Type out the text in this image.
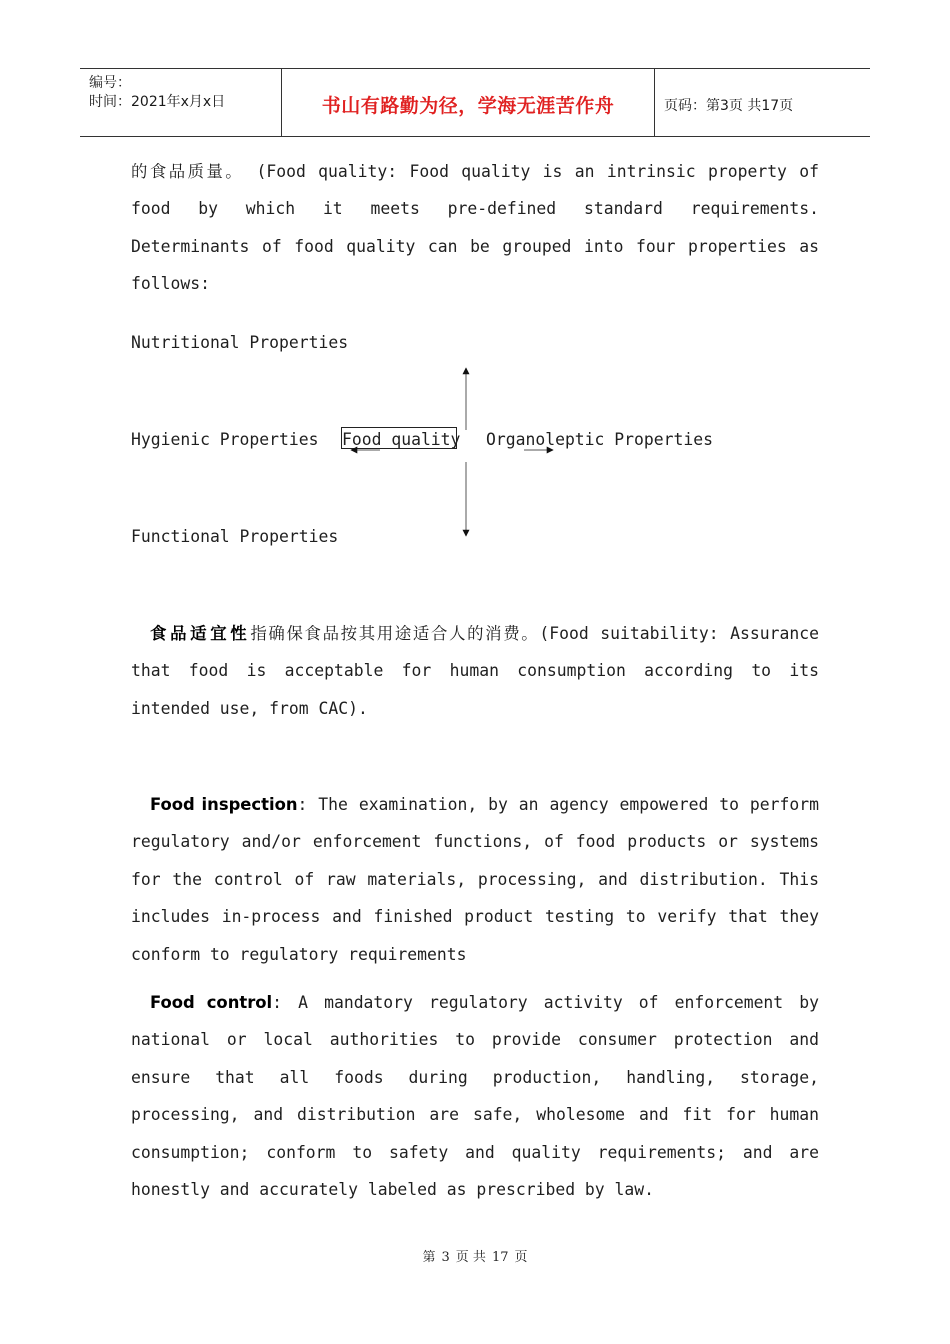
编号：
时间：2021年x月x日	书山有路勤为径，学海无涯苦作舟	页码：第3页 共17页
的食品质量。 (Food quality: Food quality is an intrinsic property of food by which it meets pre-defined standard requirements. Determinants of food quality can be grouped into four properties as follows:
Nutritional Properties
Hygienic Properties Food quality Organoleptic Properties
Functional Properties
食品适宜性指确保食品按其用途适合人的消费。(Food suitability: Assurance that food is acceptable for human consumption according to its intended use, from CAC).
Food inspection: The examination, by an agency empowered to perform regulatory and/or enforcement functions, of food products or systems for the control of raw materials, processing, and distribution. This includes in-process and finished product testing to verify that they conform to regulatory requirements
Food control: A mandatory regulatory activity of enforcement by national or local authorities to provide consumer protection and ensure that all foods during production, handling, storage, processing, and distribution are safe, wholesome and fit for human consumption; conform to safety and quality requirements; and are honestly and accurately labeled as prescribed by law.
第 3 页 共 17 页
